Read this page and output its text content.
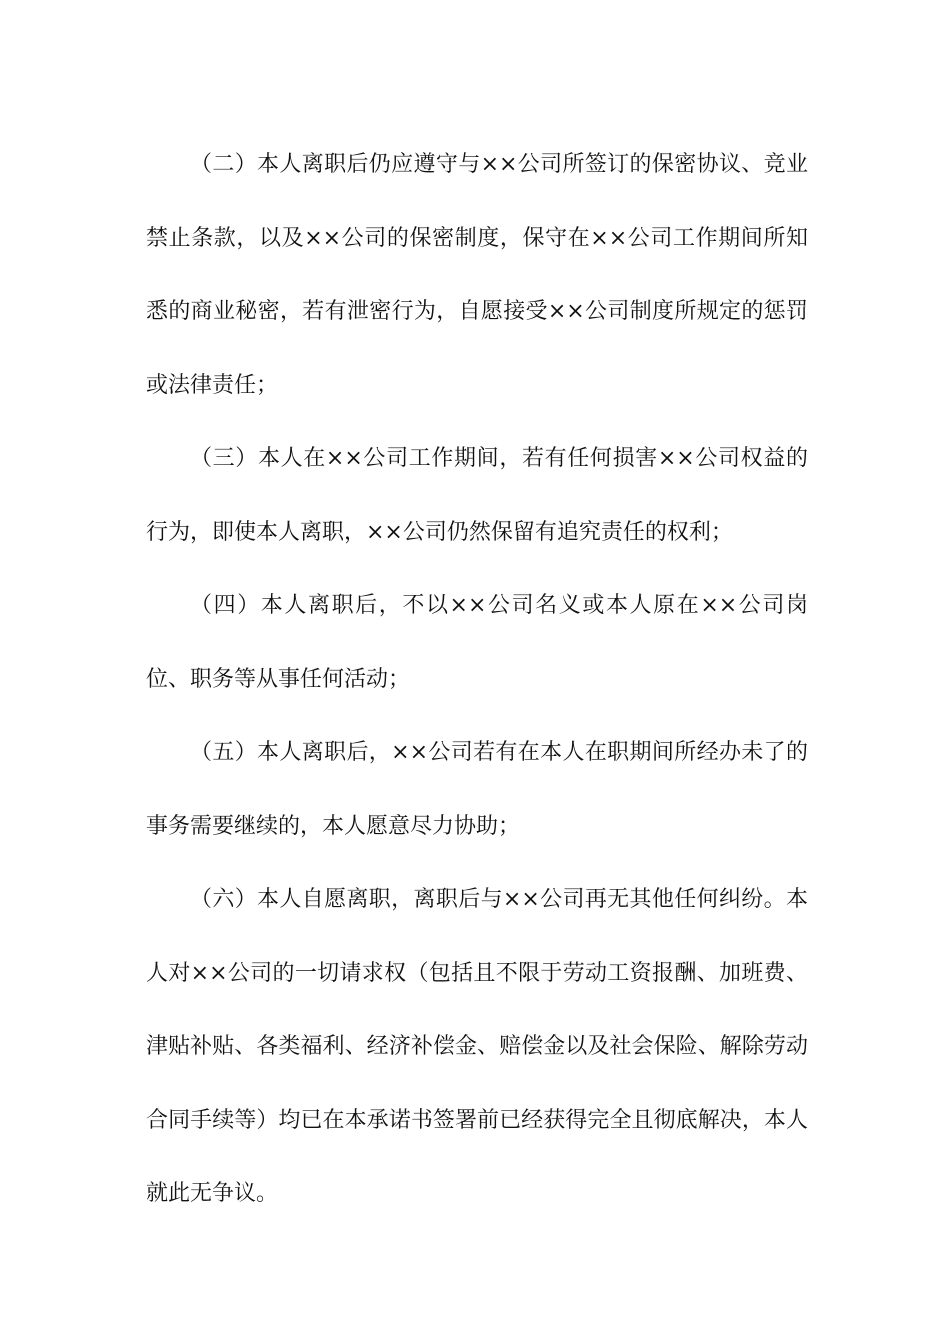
（二）本人离职后仍应遵守与××公司所签订的保密协议、竞业禁止条款，以及××公司的保密制度，保守在××公司工作期间所知悉的商业秘密，若有泄密行为，自愿接受××公司制度所规定的惩罚或法律责任；

（三）本人在××公司工作期间，若有任何损害××公司权益的行为，即使本人离职，××公司仍然保留有追究责任的权利；

（四）本人离职后，不以××公司名义或本人原在××公司岗位、职务等从事任何活动；

（五）本人离职后，××公司若有在本人在职期间所经办未了的事务需要继续的，本人愿意尽力协助；

（六）本人自愿离职，离职后与××公司再无其他任何纠纷。本人对××公司的一切请求权（包括且不限于劳动工资报酬、加班费、津贴补贴、各类福利、经济补偿金、赔偿金以及社会保险、解除劳动合同手续等）均已在本承诺书签署前已经获得完全且彻底解决，本人就此无争议。
